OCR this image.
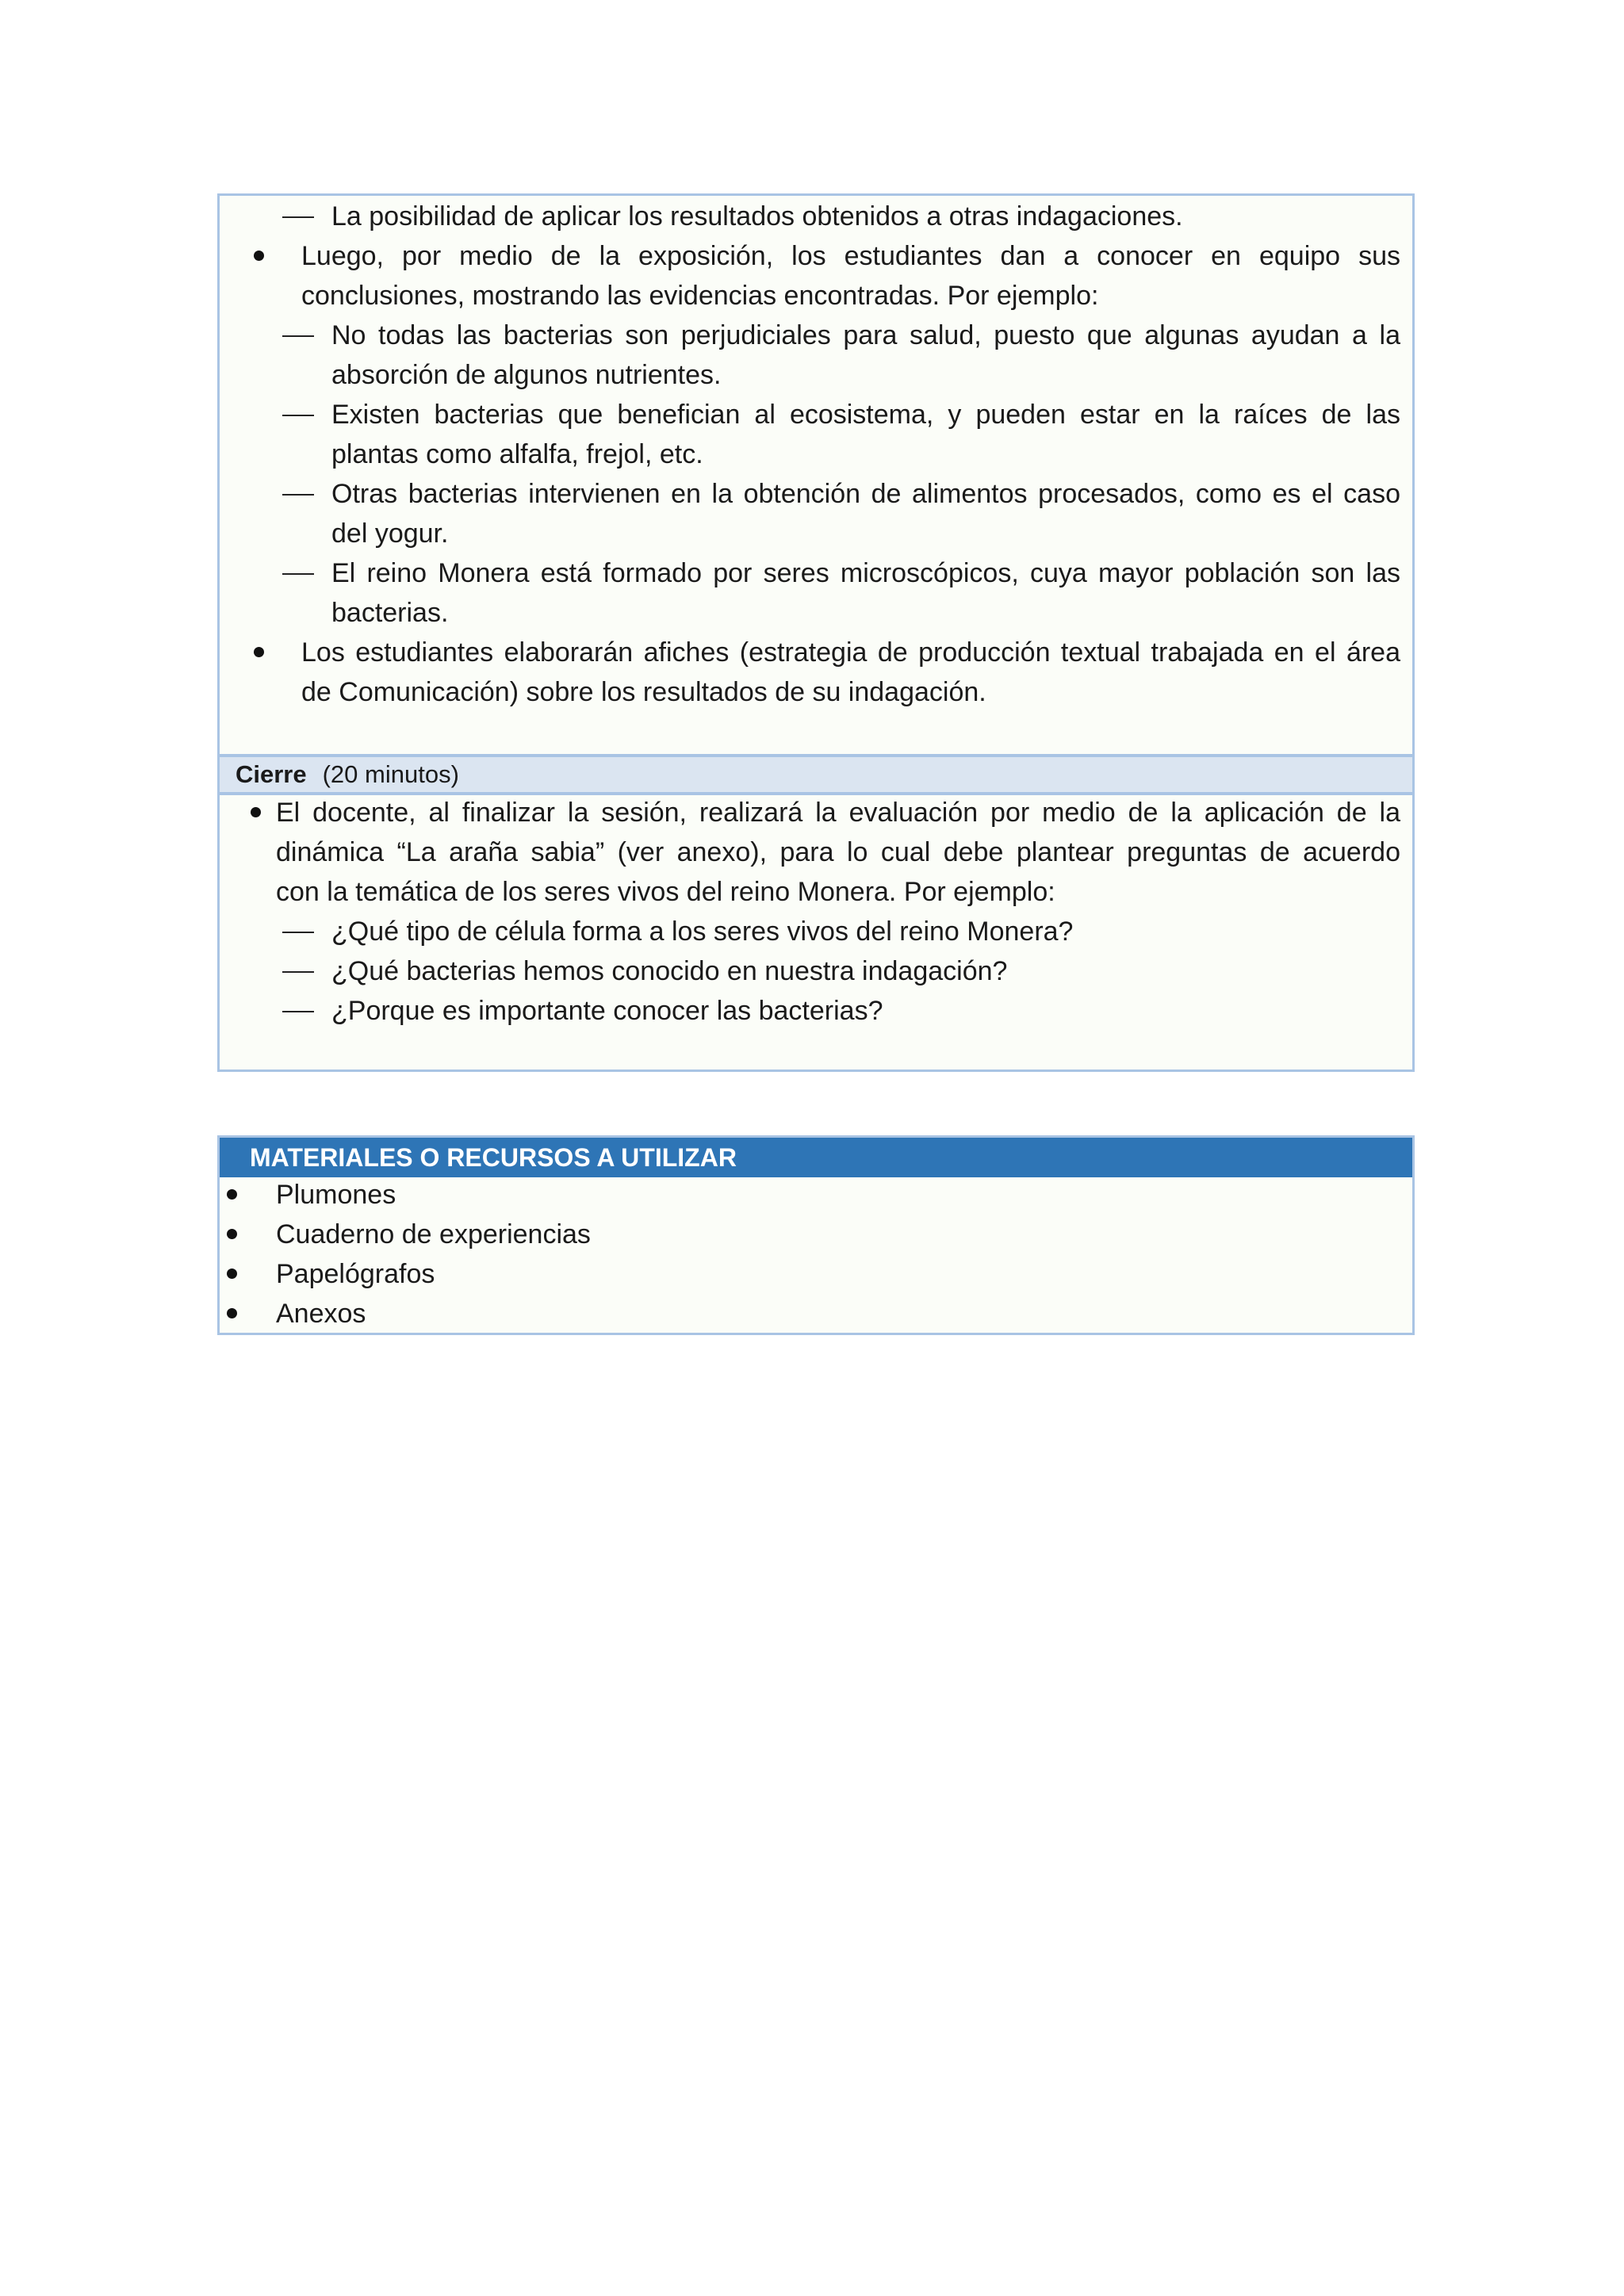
La posibilidad de aplicar los resultados obtenidos a otras indagaciones.
Luego, por medio de la exposición, los estudiantes dan a conocer en equipo sus
conclusiones, mostrando las evidencias encontradas. Por ejemplo:
No todas las bacterias son perjudiciales para salud, puesto que algunas ayudan a la
absorción de algunos nutrientes.
Existen bacterias que benefician al ecosistema, y pueden estar en la raíces de las
plantas como alfalfa, frejol, etc.
Otras bacterias intervienen en la obtención de alimentos procesados, como es el caso
del yogur.
El reino Monera está formado por seres microscópicos, cuya mayor población son las
bacterias.
Los estudiantes elaborarán afiches (estrategia de producción textual trabajada en el área
de Comunicación) sobre los resultados de su indagación.
Cierre (20 minutos)
El docente, al finalizar la sesión, realizará la evaluación por medio de la aplicación de la
dinámica “La araña sabia” (ver anexo), para lo cual debe plantear preguntas de acuerdo
con la temática de los seres vivos del reino Monera. Por ejemplo:
¿Qué tipo de célula forma a los seres vivos del reino Monera?
¿Qué bacterias hemos conocido en nuestra indagación?
¿Porque es importante conocer las bacterias?
MATERIALES O RECURSOS A UTILIZAR
Plumones
Cuaderno de experiencias
Papelógrafos
Anexos
